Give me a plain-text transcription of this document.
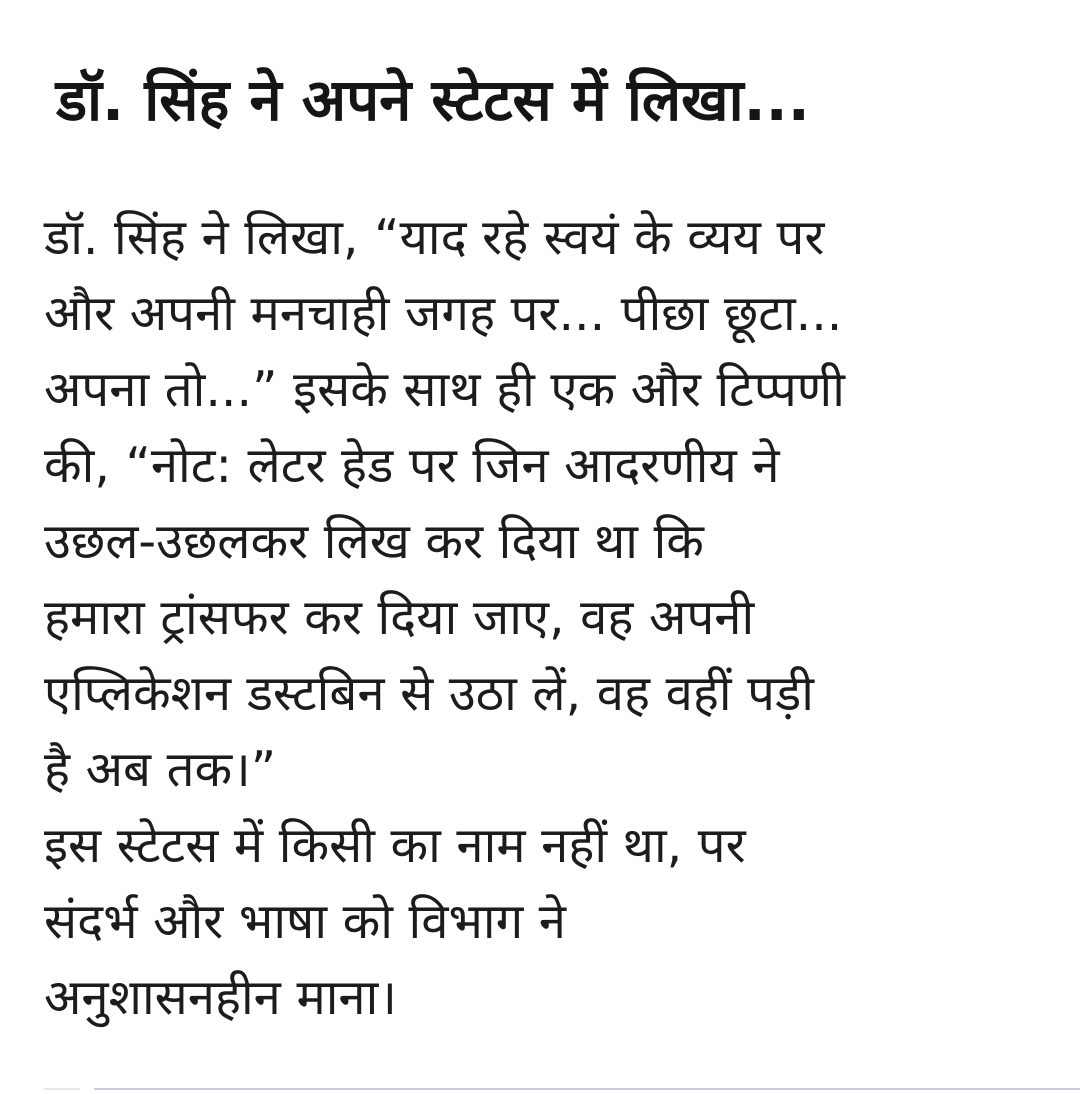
डॉ. सिंह ने अपने स्टेटस में लिखा...
डॉ. सिंह ने लिखा, “याद रहे स्वयं के व्यय पर
और अपनी मनचाही जगह पर... पीछा छूटा...
अपना तो...” इसके साथ ही एक और टिप्पणी
की, “नोट: लेटर हेड पर जिन आदरणीय ने
उछल-उछलकर लिख कर दिया था कि
हमारा ट्रांसफर कर दिया जाए, वह अपनी
एप्लिकेशन डस्टबिन से उठा लें, वह वहीं पड़ी
है अब तक।”
इस स्टेटस में किसी का नाम नहीं था, पर
संदर्भ और भाषा को विभाग ने
अनुशासनहीन माना।
